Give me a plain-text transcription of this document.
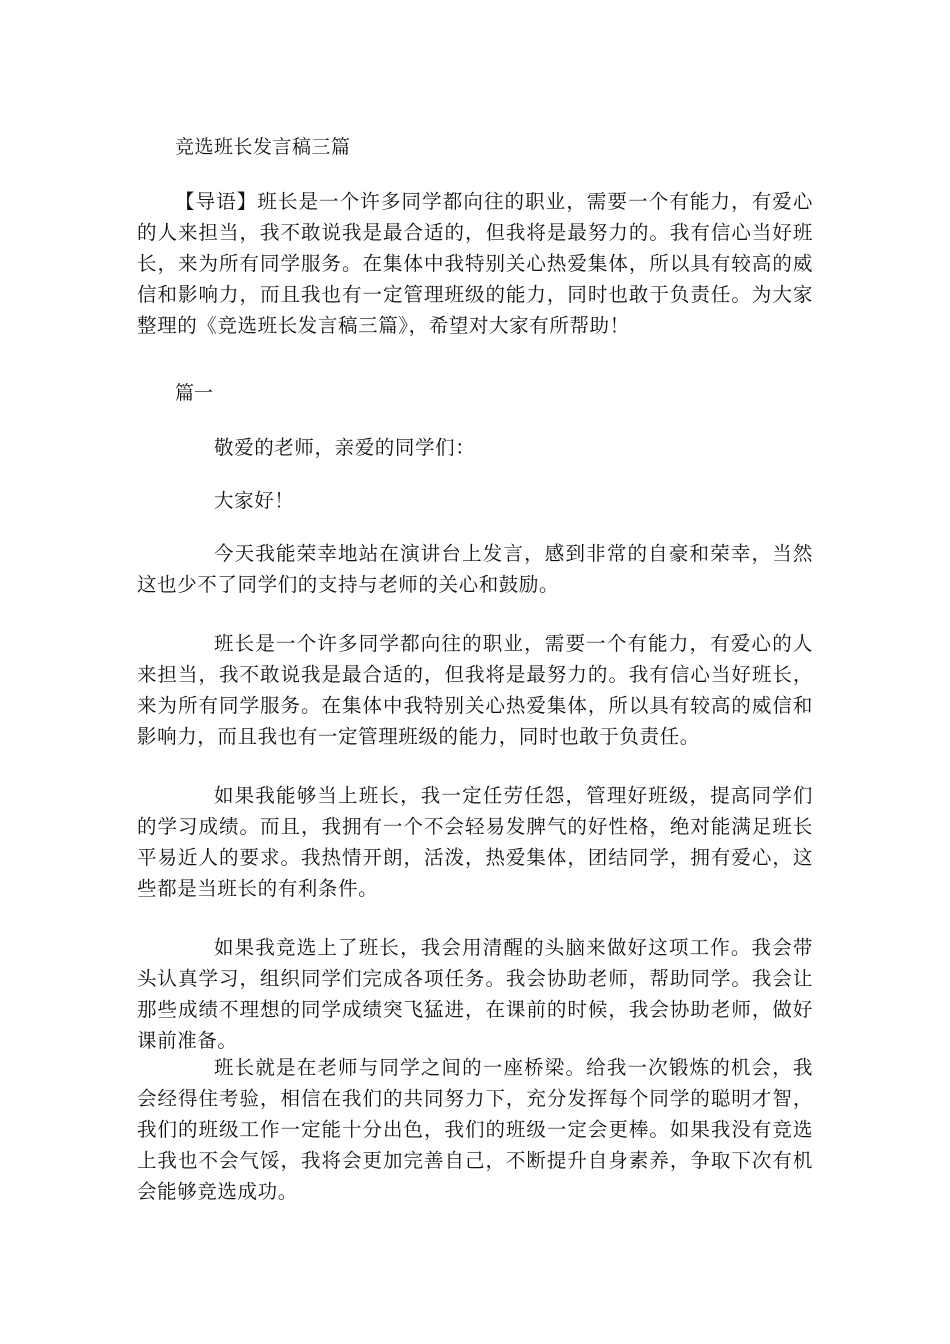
竞选班长发言稿三篇

【导语】班长是一个许多同学都向往的职业，需要一个有能力，有爱心的人来担当，我不敢说我是最合适的，但我将是最努力的。我有信心当好班长，来为所有同学服务。在集体中我特别关心热爱集体，所以具有较高的威信和影响力，而且我也有一定管理班级的能力，同时也敢于负责任。为大家整理的《竞选班长发言稿三篇》，希望对大家有所帮助！

篇一

敬爱的老师，亲爱的同学们：

大家好！

今天我能荣幸地站在演讲台上发言，感到非常的自豪和荣幸，当然这也少不了同学们的支持与老师的关心和鼓励。

班长是一个许多同学都向往的职业，需要一个有能力，有爱心的人来担当，我不敢说我是最合适的，但我将是最努力的。我有信心当好班长，来为所有同学服务。在集体中我特别关心热爱集体，所以具有较高的威信和影响力，而且我也有一定管理班级的能力，同时也敢于负责任。

如果我能够当上班长，我一定任劳任怨，管理好班级，提高同学们的学习成绩。而且，我拥有一个不会轻易发脾气的好性格，绝对能满足班长平易近人的要求。我热情开朗，活泼，热爱集体，团结同学，拥有爱心，这些都是当班长的有利条件。

如果我竞选上了班长，我会用清醒的头脑来做好这项工作。我会带头认真学习，组织同学们完成各项任务。我会协助老师，帮助同学。我会让那些成绩不理想的同学成绩突飞猛进，在课前的时候，我会协助老师，做好课前准备。

班长就是在老师与同学之间的一座桥梁。给我一次锻炼的机会，我会经得住考验，相信在我们的共同努力下，充分发挥每个同学的聪明才智，我们的班级工作一定能十分出色，我们的班级一定会更棒。如果我没有竞选上我也不会气馁，我将会更加完善自己，不断提升自身素养，争取下次有机会能够竞选成功。
